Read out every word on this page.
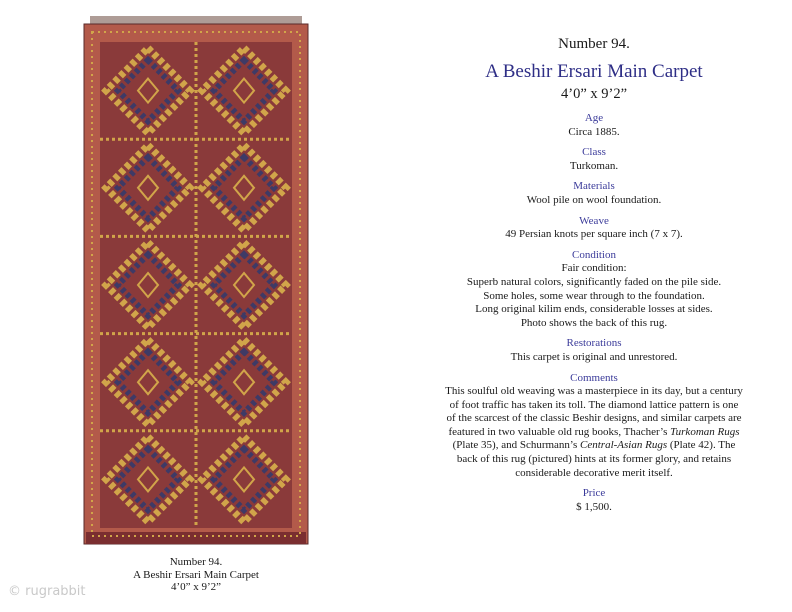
Number 94.
A Beshir Ersari Main Carpet
4’0” x 9’2”
© rugrabbit
Number 94.
A Beshir Ersari Main Carpet
4’0” x 9’2”
Age
Circa 1885.
Class
Turkoman.
Materials
Wool pile on wool foundation.
Weave
49 Persian knots per square inch (7 x 7).
Condition
Fair condition:
Superb natural colors, significantly faded on the pile side.
Some holes, some wear through to the foundation.
Long original kilim ends, considerable losses at sides.
Photo shows the back of this rug.
Restorations
This carpet is original and unrestored.
Comments
This soulful old weaving was a masterpiece in its day, but a century
of foot traffic has taken its toll. The diamond lattice pattern is one
of the scarcest of the classic Beshir designs, and similar carpets are
featured in two valuable old rug books, Thacher’s Turkoman Rugs
(Plate 35), and Schurmann’s Central-Asian Rugs (Plate 42). The
back of this rug (pictured) hints at its former glory, and retains
considerable decorative merit itself.
Price
$ 1,500.
